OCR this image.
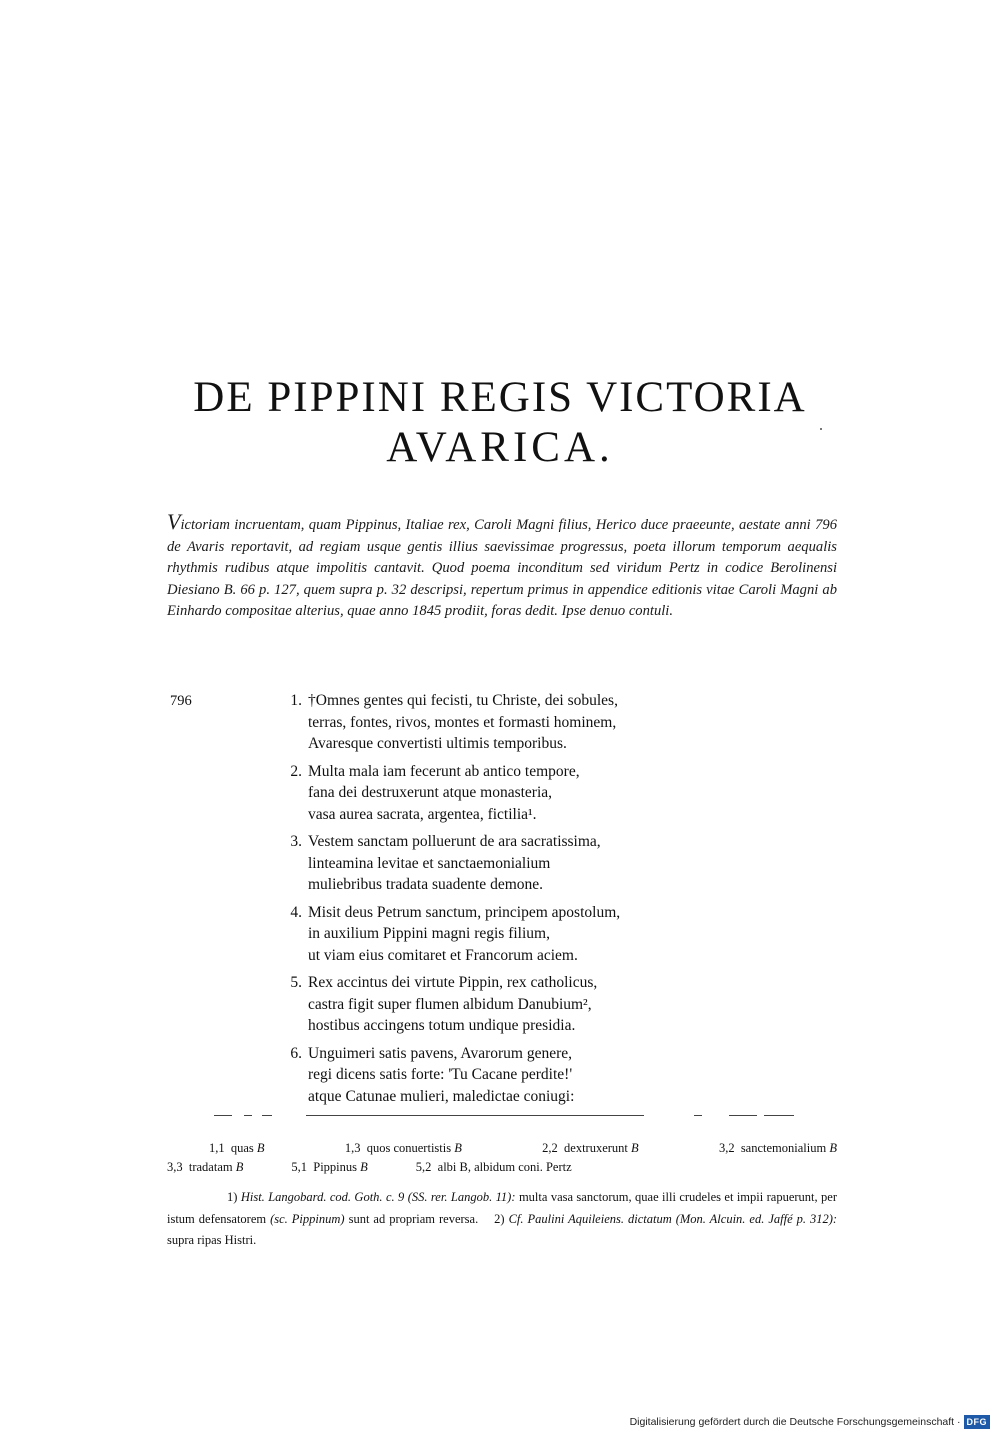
DE PIPPINI REGIS VICTORIA
AVARICA.
Victoriam incruentam, quam Pippinus, Italiae rex, Caroli Magni filius, Herico duce praeeunte, aestate anni 796 de Avaris reportavit, ad regiam usque gentis illius saevissimae progressus, poeta illorum temporum aequalis rhythmis rudibus atque impolitis cantavit. Quod poema inconditum sed viridum Pertz in codice Berolinensi Diesiano B. 66 p. 127, quem supra p. 32 descripsi, repertum primus in appendice editionis vitae Caroli Magni ab Einhardo compositae alterius, quae anno 1845 prodiit, foras dedit. Ipse denuo contuli.
796	1. †Omnes gentes qui fecisti, tu Christe, dei sobules,
terras, fontes, rivos, montes et formasti hominem,
Avaresque convertisti ultimis temporibus.
2. Multa mala iam fecerunt ab antico tempore,
fana dei destruxerunt atque monasteria,
vasa aurea sacrata, argentea, fictilia¹.
3. Vestem sanctam polluerunt de ara sacratissima,
linteamina levitae et sanctaemonialium
muliebribus tradata suadente demone.
4. Misit deus Petrum sanctum, principem apostolum,
in auxilium Pippini magni regis filium,
ut viam eius comitaret et Francorum aciem.
5. Rex accintus dei virtute Pippin, rex catholicus,
castra figit super flumen albidum Danubium²,
hostibus accingens totum undique presidia.
6. Unguimeri satis pavens, Avarorum genere,
regi dicens satis forte: 'Tu Cacane perdite!'
atque Catunae mulieri, maledictae coniugi:
1,1 quas B	1,3 quos conuertistis B	2,2 dextruxerunt B	3,2 sanctemonialium B
3,3 tradatam B	5,1 Pippinus B	5,2 albi B, albidum coni. Pertz

1) Hist. Langobard. cod. Goth. c. 9 (SS. rer. Langob. 11): multa vasa sanctorum, quae illi crudeles et impii rapuerunt, per istum defensatorem (sc. Pippinum) sunt ad propriam reversa. 2) Cf. Paulini Aquileiens. dictatum (Mon. Alcuin. ed. Jaffé p. 312): supra ripas Histri.

Digitalisierung gefördert durch die Deutsche Forschungsgemeinschaft · DFG
